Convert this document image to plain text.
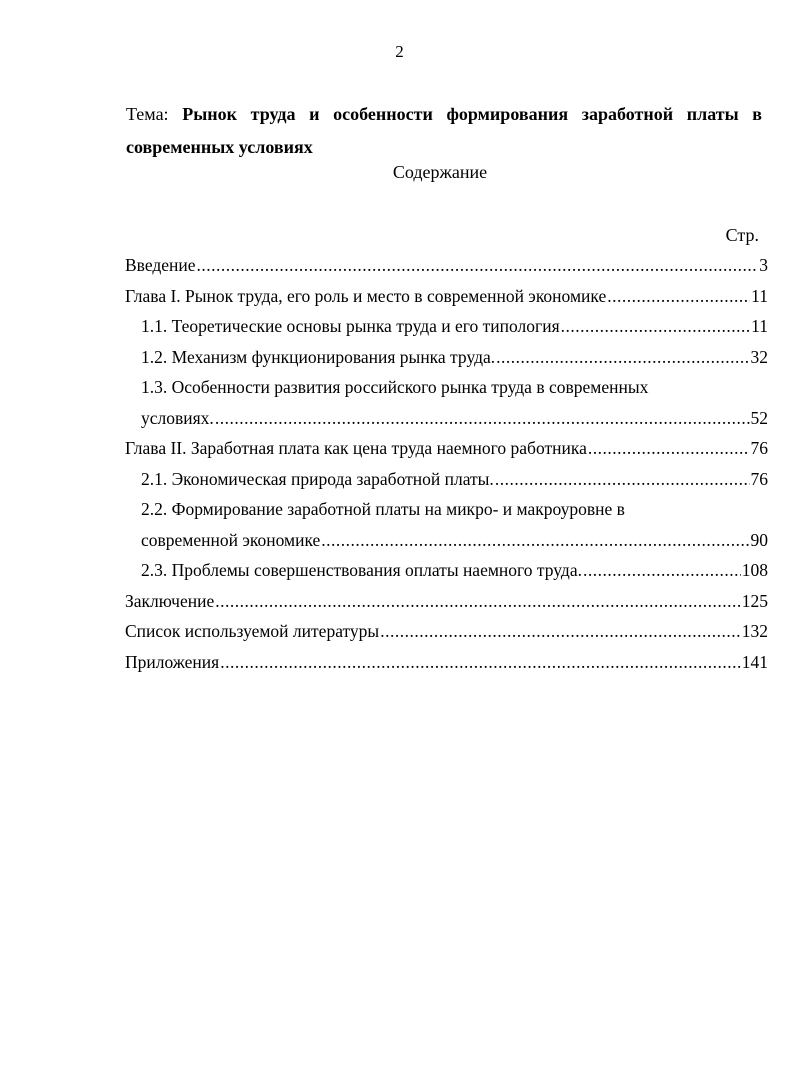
2
Тема: Рынок труда и особенности формирования заработной платы в современных условиях
Содержание
Стр.
Введение .....	3
Глава I. Рынок труда, его роль и место в современной экономике .....	11
1.1. Теоретические основы рынка труда и его типология .....	11
1.2. Механизм функционирования рынка труда. .....	32
1.3. Особенности развития российского рынка труда в современных
условиях. .....	52
Глава II. Заработная плата как цена труда наемного работника .....	76
2.1. Экономическая природа заработной платы. .....	76
2.2. Формирование заработной платы на микро- и макроуровне в
современной экономике .....	90
2.3. Проблемы совершенствования оплаты наемного труда. .....	108
Заключение .....	125
Список используемой литературы .....	132
Приложения .....	141
